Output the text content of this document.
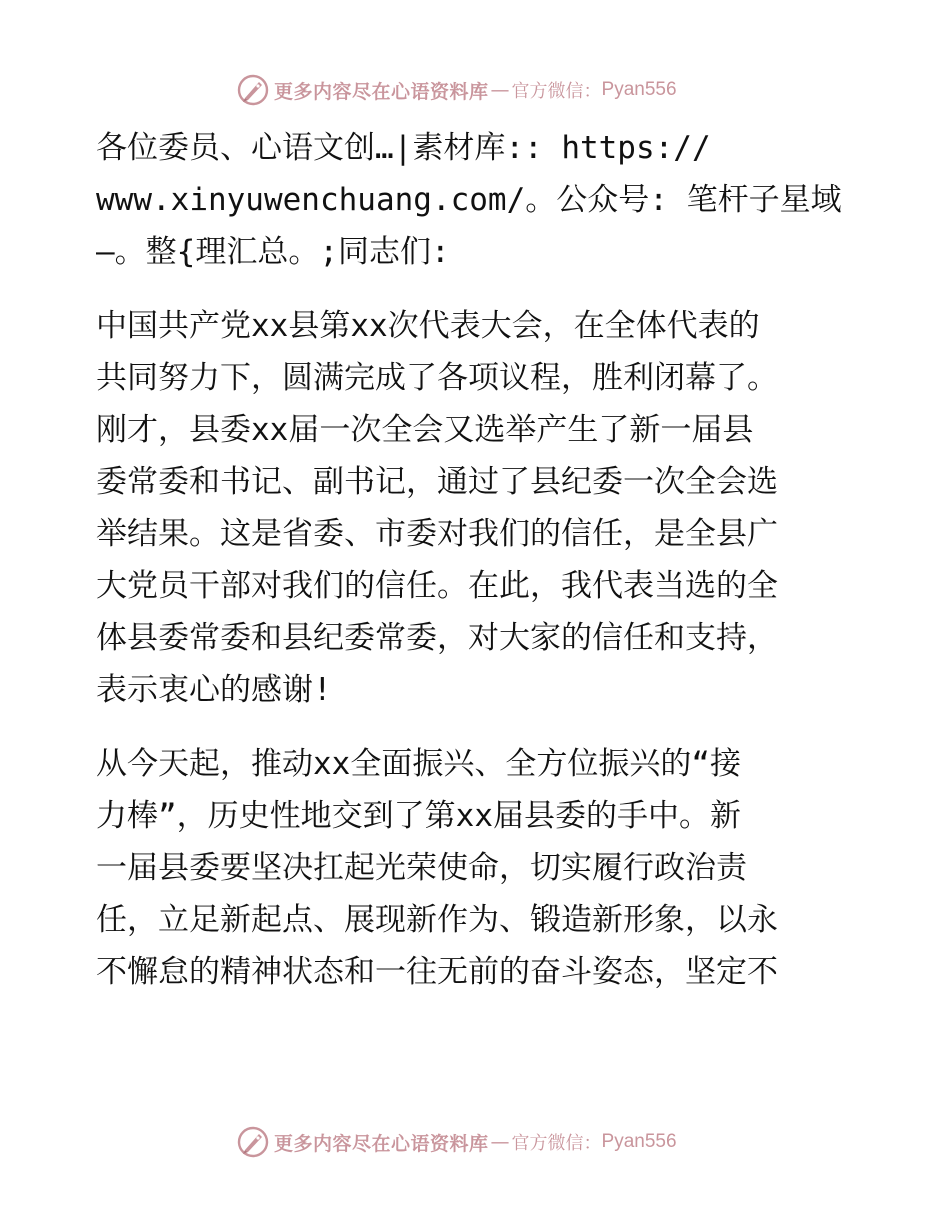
更多内容尽在心语资料库 — 官方微信： Pyan556
各位委员、心语文创…|素材库:: https://
www.xinyuwenchuang.com/。公众号: 笔杆子星域
—。整{理汇总。;同志们:
中国共产党xx县第xx次代表大会，在全体代表的
共同努力下，圆满完成了各项议程，胜利闭幕了。
刚才，县委xx届一次全会又选举产生了新一届县
委常委和书记、副书记，通过了县纪委一次全会选
举结果。这是省委、市委对我们的信任，是全县广
大党员干部对我们的信任。在此，我代表当选的全
体县委常委和县纪委常委，对大家的信任和支持，
表示衷心的感谢!
从今天起，推动xx全面振兴、全方位振兴的“接
力棒”，历史性地交到了第xx届县委的手中。新
一届县委要坚决扛起光荣使命，切实履行政治责
任，立足新起点、展现新作为、锻造新形象，以永
不懈怠的精神状态和一往无前的奋斗姿态，坚定不
更多内容尽在心语资料库 — 官方微信： Pyan556
